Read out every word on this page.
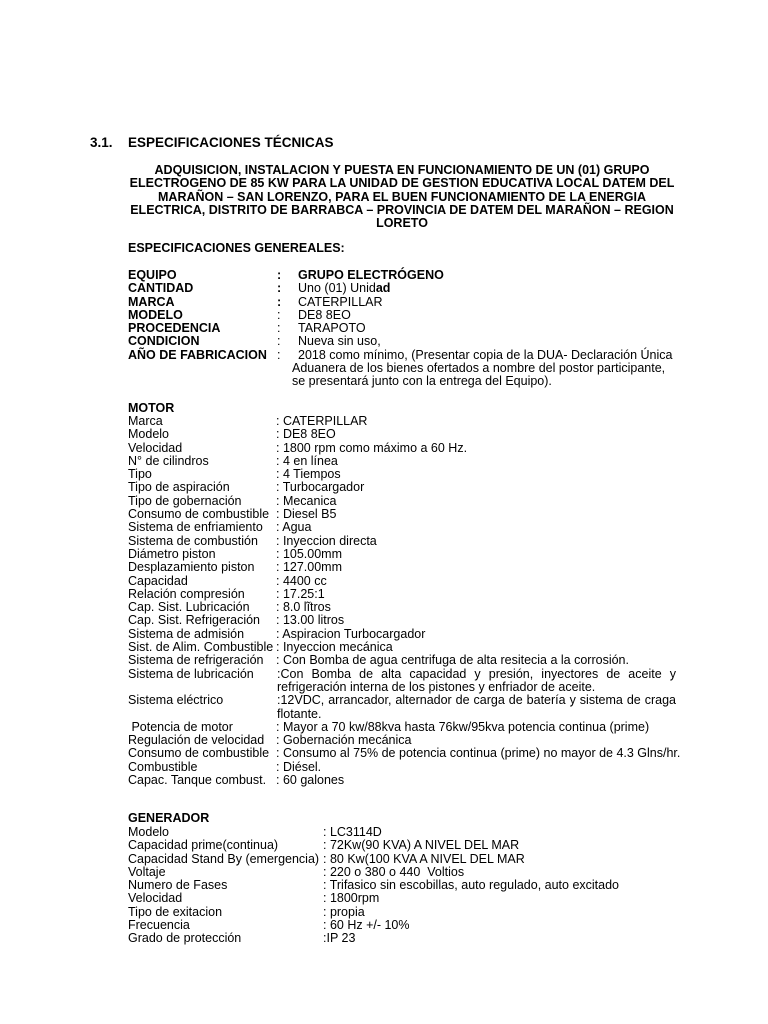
3.1. ESPECIFICACIONES TÉCNICAS
ADQUISICION, INSTALACION Y PUESTA EN FUNCIONAMIENTO DE UN (01) GRUPO ELECTROGENO DE 85 KW PARA LA UNIDAD DE GESTION EDUCATIVA LOCAL DATEM DEL MARAÑON – SAN LORENZO, PARA EL BUEN FUNCIONAMIENTO DE LA ENERGIA ELECTRICA, DISTRITO DE BARRABCA – PROVINCIA DE DATEM DEL MARAÑON – REGION LORETO
ESPECIFICACIONES GENEREALES:
EQUIPO	: GRUPO ELECTRÓGENO
CANTIDAD	: Uno (01) Unidad
MARCA	: CATERPILLAR
MODELO	: DE8 8EO
PROCEDENCIA	: TARAPOTO
CONDICION	: Nueva sin uso,
AÑO DE FABRICACION :	2018 como mínimo, (Presentar copia de la DUA- Declaración Única Aduanera de los bienes ofertados a nombre del postor participante, se presentará junto con la entrega del Equipo).
MOTOR
Marca	: CATERPILLAR
Modelo	: DE8 8EO
Velocidad	: 1800 rpm como máximo a 60 Hz.
N° de cilindros	: 4 en línea
Tipo	: 4 Tiempos
Tipo de aspiración	: Turbocargador
Tipo de gobernación	: Mecanica
Consumo de combustible : Diesel B5
Sistema de enfriamiento : Agua
Sistema de combustión : Inyeccion directa
Diámetro piston	: 105.00mm
Desplazamiento piston : 127.00mm
Capacidad	: 4400 cc
Relación compresión	: 17.25:1
Cap. Sist. Lubricación : 8.0 lĩtros
Cap. Sist. Refrigeración : 13.00 litros
Sistema de admisión	: Aspiracion Turbocargador
Sist. de Alim. Combustible : Inyeccion mecánica
Sistema de refrigeración : Con Bomba de agua centrifuga de alta resitecia a la corrosión.
Sistema de lubricación :Con Bomba de alta capacidad y presión, inyectores de aceite y refrigeración interna de los pistones y enfriador de aceite.
Sistema eléctrico	:12VDC, arrancador, alternador de carga de batería y sistema de craga flotante.
Potencia de motor	: Mayor a 70 kw/88kva hasta 76kw/95kva potencia continua (prime)
Regulación de velocidad : Gobernación mecánica
Consumo de combustible : Consumo al 75% de potencia continua (prime) no mayor de 4.3 Glns/hr.
Combustible	: Diésel.
Capac. Tanque combust. : 60 galones
GENERADOR
Modelo	: LC3114D
Capacidad prime(continua)	: 72Kw(90 KVA) A NIVEL DEL MAR
Capacidad Stand By (emergencia) : 80 Kw(100 KVA A NIVEL DEL MAR
Voltaje	: 220 o 380 o 440  Voltios
Numero de Fases	: Trifasico sin escobillas, auto regulado, auto excitado
Velocidad	: 1800rpm
Tipo de exitacion	: propia
Frecuencia	: 60 Hz +/- 10%
Grado de protección	:IP 23
